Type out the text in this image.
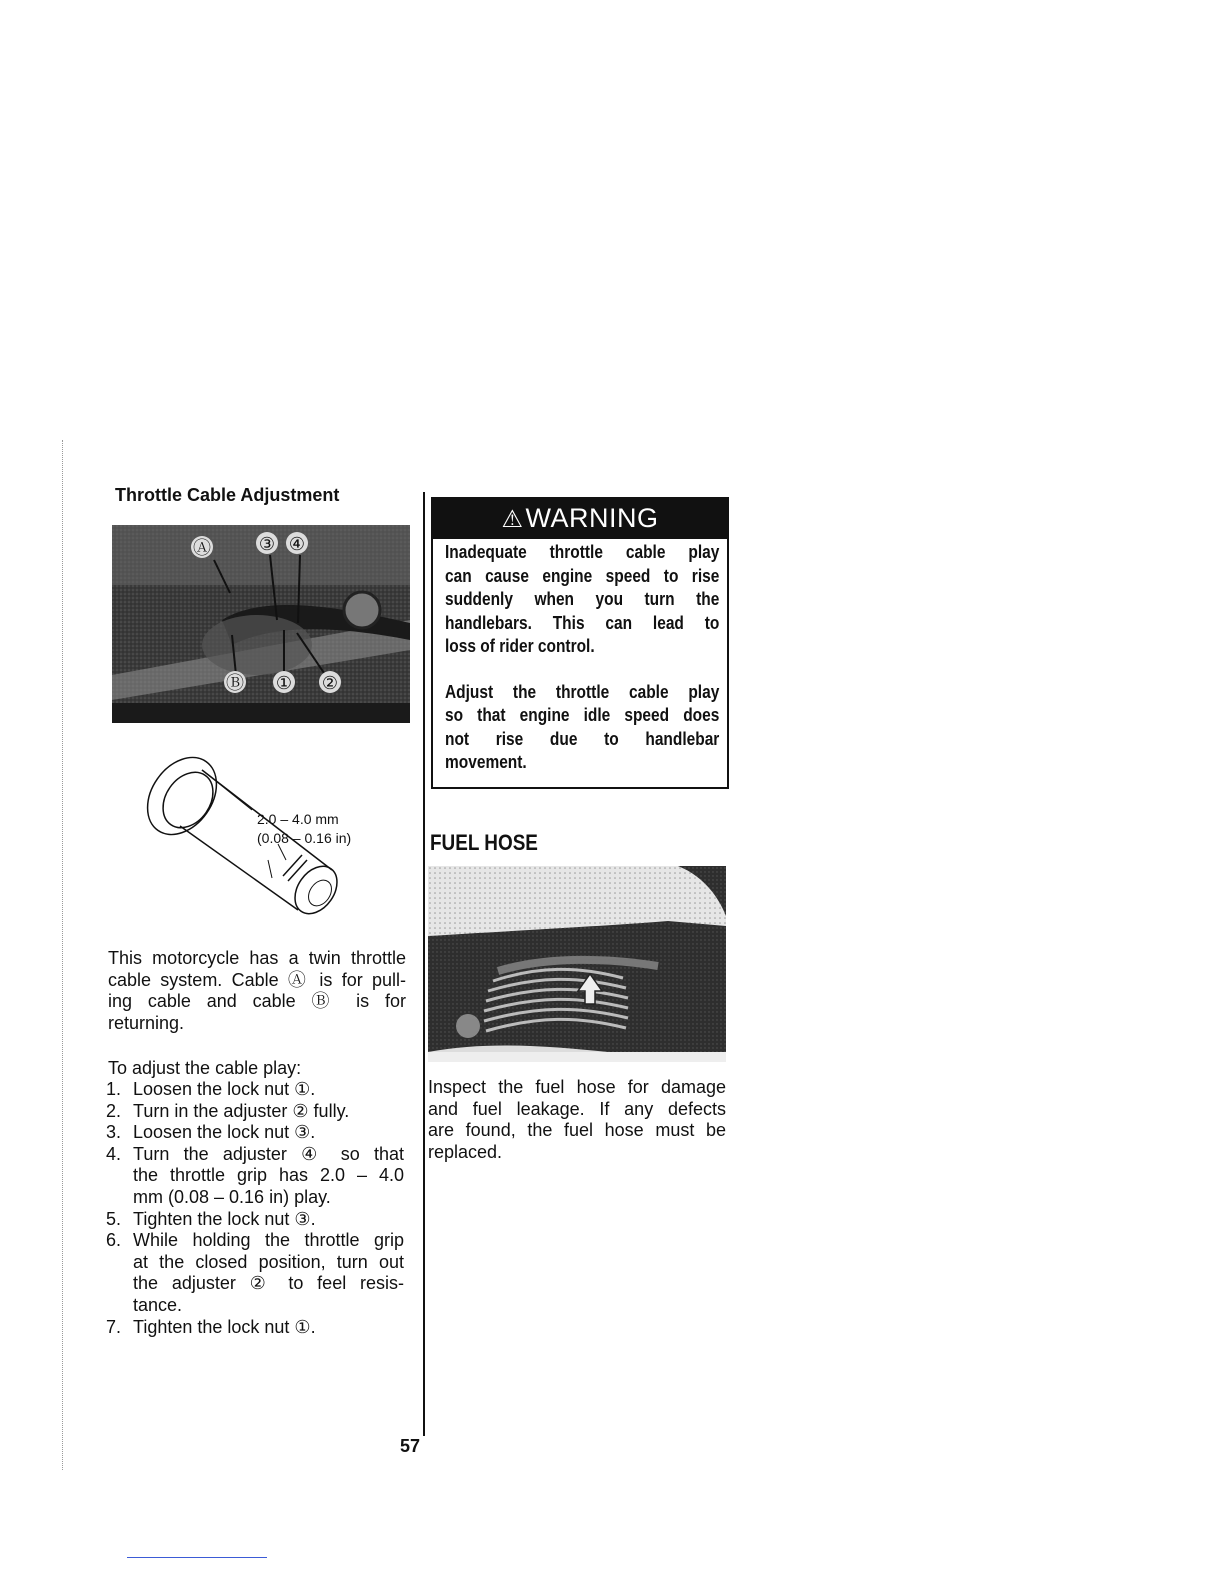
Throttle Cable Adjustment
Ⓐ	③ ④
Ⓑ ① ②
2.0 – 4.0 mm
(0.08 – 0.16 in)
This motorcycle has a twin throttle
cable system. Cable Ⓐ is for pull-
ing cable and cable Ⓑ is for
returning.
To adjust the cable play:
1. Loosen the lock nut ①.
2. Turn in the adjuster ② fully.
3. Loosen the lock nut ③.
4. Turn the adjuster ④ so that
the throttle grip has 2.0 – 4.0
mm (0.08 – 0.16 in) play.
5. Tighten the lock nut ③.
6. While holding the throttle grip
at the closed position, turn out
the adjuster ② to feel resis-
tance.
7. Tighten the lock nut ①.
57
⚠WARNING
Inadequate throttle cable play
can cause engine speed to rise
suddenly when you turn the
handlebars. This can lead to
loss of rider control.
Adjust the throttle cable play
so that engine idle speed does
not rise due to handlebar
movement.
FUEL HOSE
Inspect the fuel hose for damage
and fuel leakage. If any defects
are found, the fuel hose must be
replaced.
